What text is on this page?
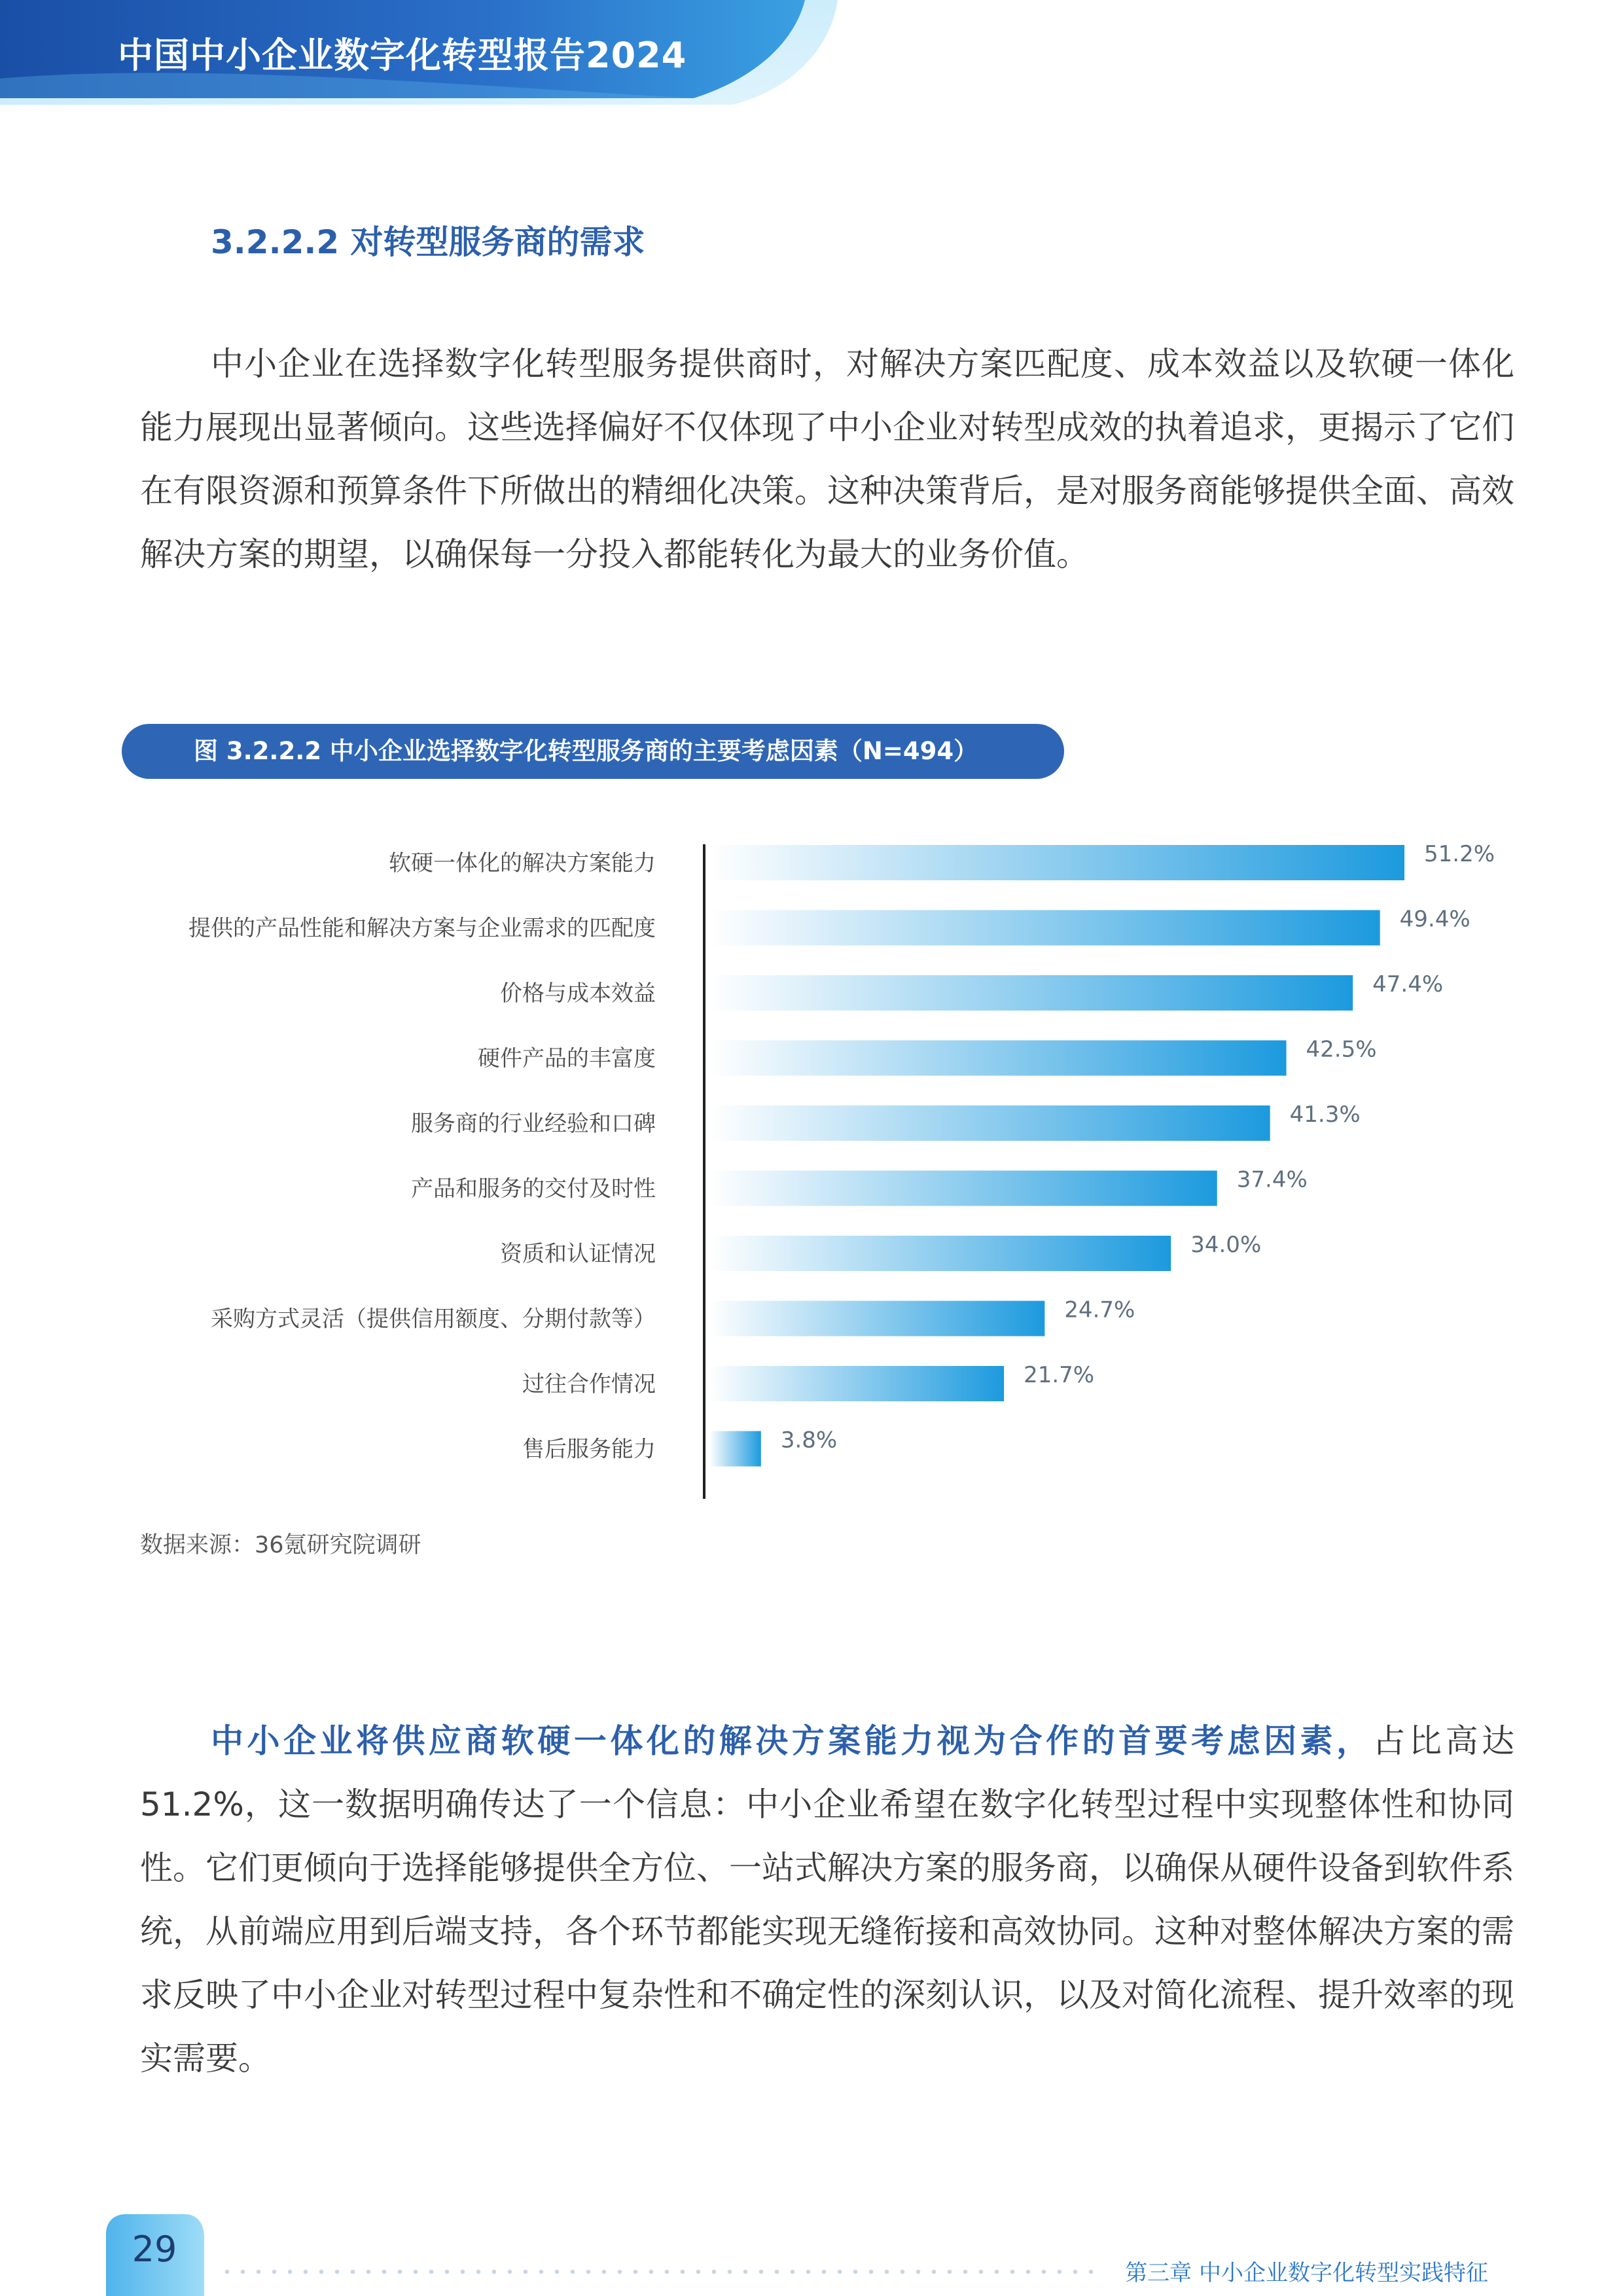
中国中小企业数字化转型报告2024
3.2.2.2 对转型服务商的需求

中小企业在选择数字化转型服务提供商时，对解决方案匹配度、成本效益以及软硬一体化能力展现出显著倾向。这些选择偏好不仅体现了中小企业对转型成效的执着追求，更揭示了它们在有限资源和预算条件下所做出的精细化决策。这种决策背后，是对服务商能够提供全面、高效解决方案的期望，以确保每一分投入都能转化为最大的业务价值。

图 3.2.2.2 中小企业选择数字化转型服务商的主要考虑因素（N=494）
软硬一体化的解决方案能力
提供的产品性能和解决方案与企业需求的匹配度
价格与成本效益
硬件产品的丰富度
服务商的行业经验和口碑
产品和服务的交付及时性
资质和认证情况
采购方式灵活（提供信用额度、分期付款等）
过往合作情况
售后服务能力
51.2%
49.4%
47.4%
42.5%
41.3%
37.4%
34.0%
24.7%
21.7%
3.8%
数据来源：36氪研究院调研

中小企业将供应商软硬一体化的解决方案能力视为合作的首要考虑因素，占比高达51.2%，这一数据明确传达了一个信息：中小企业希望在数字化转型过程中实现整体性和协同性。它们更倾向于选择能够提供全方位、一站式解决方案的服务商，以确保从硬件设备到软件系统，从前端应用到后端支持，各个环节都能实现无缝衔接和高效协同。这种对整体解决方案的需求反映了中小企业对转型过程中复杂性和不确定性的深刻认识，以及对简化流程、提升效率的现实需要。

29
第三章 中小企业数字化转型实践特征
